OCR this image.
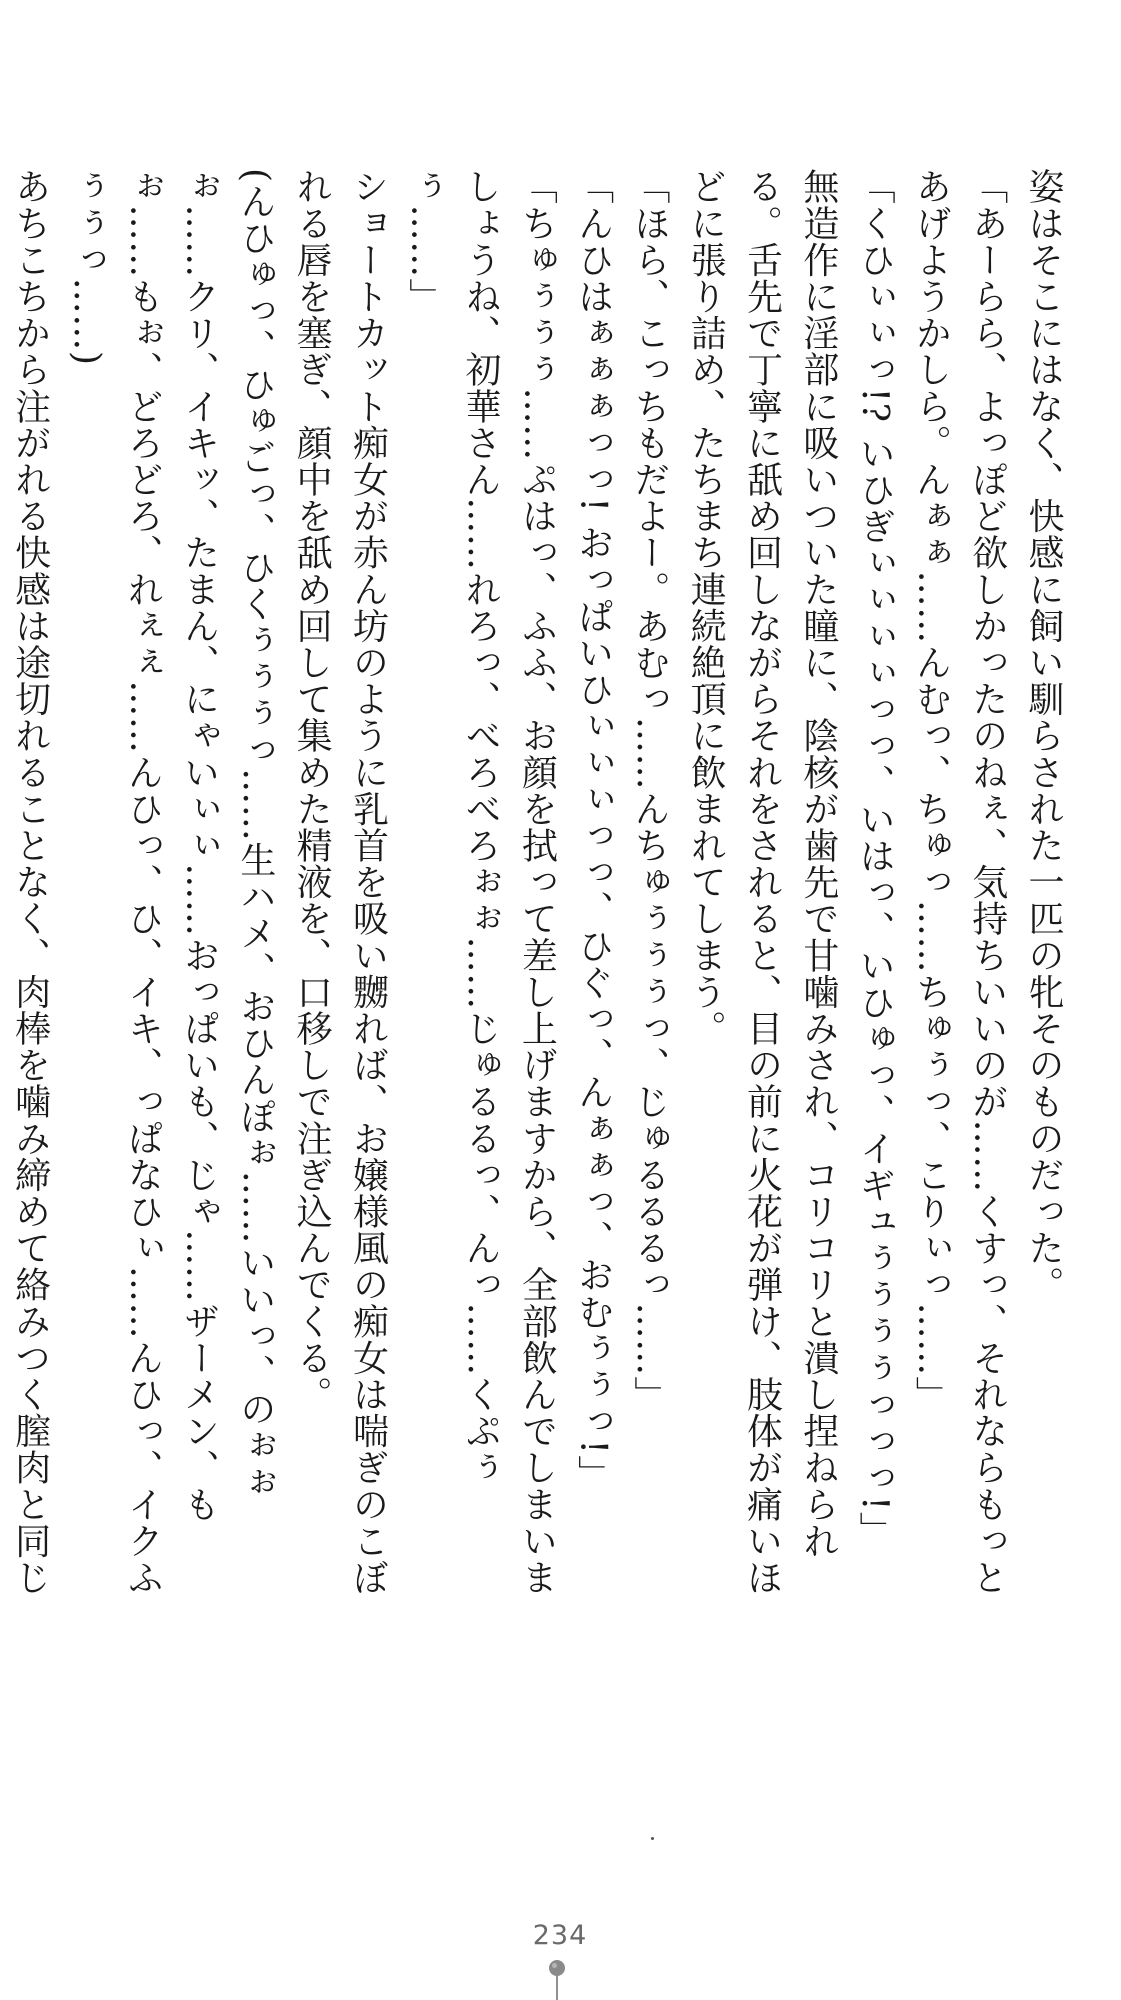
姿はそこにはなく、快感に飼い馴らされた一匹の牝そのものだった。

「あーらら、よっぽど欲しかったのねぇ、気持ちいいのが……くすっ、それならもっとあげようかしら。んぁぁ……んむっ、ちゅっ……ちゅぅっ、こりぃっ……」

「くひぃぃっ!? いひぎぃぃぃぃっっ、いはっ、いひゅっ、イギュぅぅぅぅっっっ!」

無造作に淫部に吸いついた瞳に、陰核が歯先で甘噛みされ、コリコリと潰し捏ねられる。舌先で丁寧に舐め回しながらそれをされると、目の前に火花が弾け、肢体が痛いほどに張り詰め、たちまち連続絶頂に飲まれてしまう。

「ほら、こっちもだよー。あむっ……んちゅぅぅぅっ、じゅるるるっ……」

「んひはぁぁぁっっ! おっぱいひぃぃぃっっ、ひぐっ、んぁぁっ、おむぅぅっ!」

「ちゅぅぅぅ……ぷはっ、ふふ、お顔を拭って差し上げますから、全部飲んでしまいましょうね、初華さん……れろっ、べろべろぉぉ……じゅるるっ、んっ……くぷぅぅ……」

ショートカット痴女が赤ん坊のように乳首を吸い嬲れば、お嬢様風の痴女は喘ぎのこぼれる唇を塞ぎ、顔中を舐め回して集めた精液を、口移しで注ぎ込んでくる。

(んひゅっ、ひゅごっ、ひくぅぅぅっ……生ハメ、おひんぽぉ……いいっ、のぉぉぉ……クリ、イキッ、たまん、にゃいぃぃ……おっぱいも、じゃ……ザーメン、もぉ……もぉ、どろどろ、れぇぇ……んひっ、ひ、イキ、っぱなひぃ……んひっ、イクふぅぅっ……)

あちこちから注がれる快感は途切れることなく、肉棒を噛み締めて絡みつく膣肉と同じ

234
